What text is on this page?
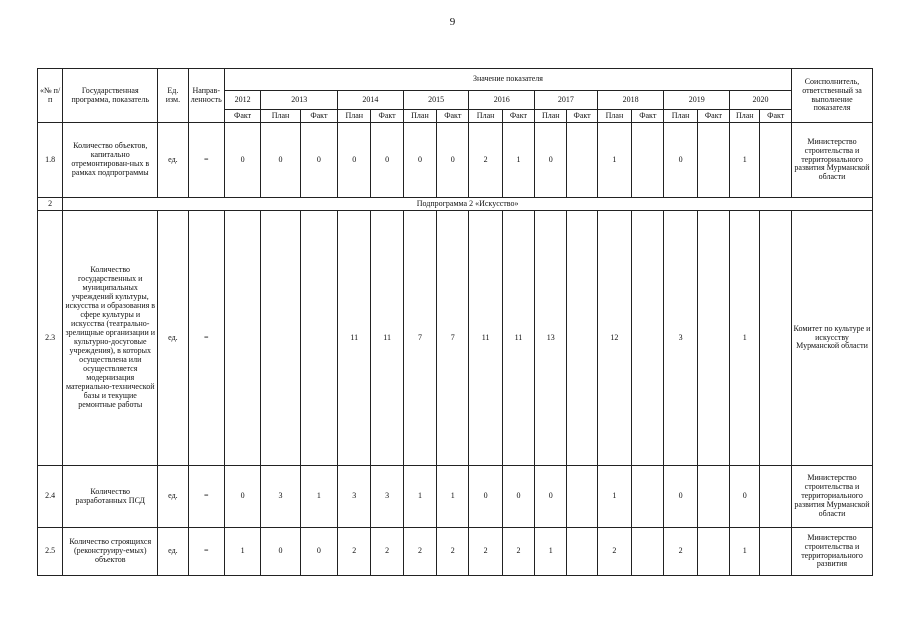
9
«№ п/п	Государственная программа, показатель	Ед. изм.	Направ-ленность	Значение показателя																	Соисполнитель, ответственный за выполнение показателя
				2012	2013		2014		2015		2016		2017		2018		2019		2020		
				Факт	План	Факт	План	Факт	План	Факт	План	Факт	План	Факт	План	Факт	План	Факт	План	Факт	
1.8	Количество объектов, капитально отремонтирован-ных в рамках подпрограммы	ед.	=	0	0	0	0	0	0	0	2	1	0		1		0		1		Министерство строительства и территориального развития Мурманской области
2	Подпрограмма 2 «Искусство»																				
2.3	Количество государственных и муниципальных учреждений культуры, искусства и образования в сфере культуры и искусства (театрально-зрелищные организации и культурно-досуговые учреждения), в которых осуществлена или осуществляется модернизация материально-технической базы и текущие ремонтные работы	ед.	=				11	11	7	7	11	11	13		12		3		1		Комитет по культуре и искусству Мурманской области
2.4	Количество разработанных ПСД	ед.	=	0	3	1	3	3	1	1	0	0	0		1		0		0		Министерство строительства и территориального развития Мурманской области
2.5	Количество строящихся (реконструиру-емых) объектов	ед.	=	1	0	0	2	2	2	2	2	2	1		2		2		1		Министерство строительства и территориального развития
